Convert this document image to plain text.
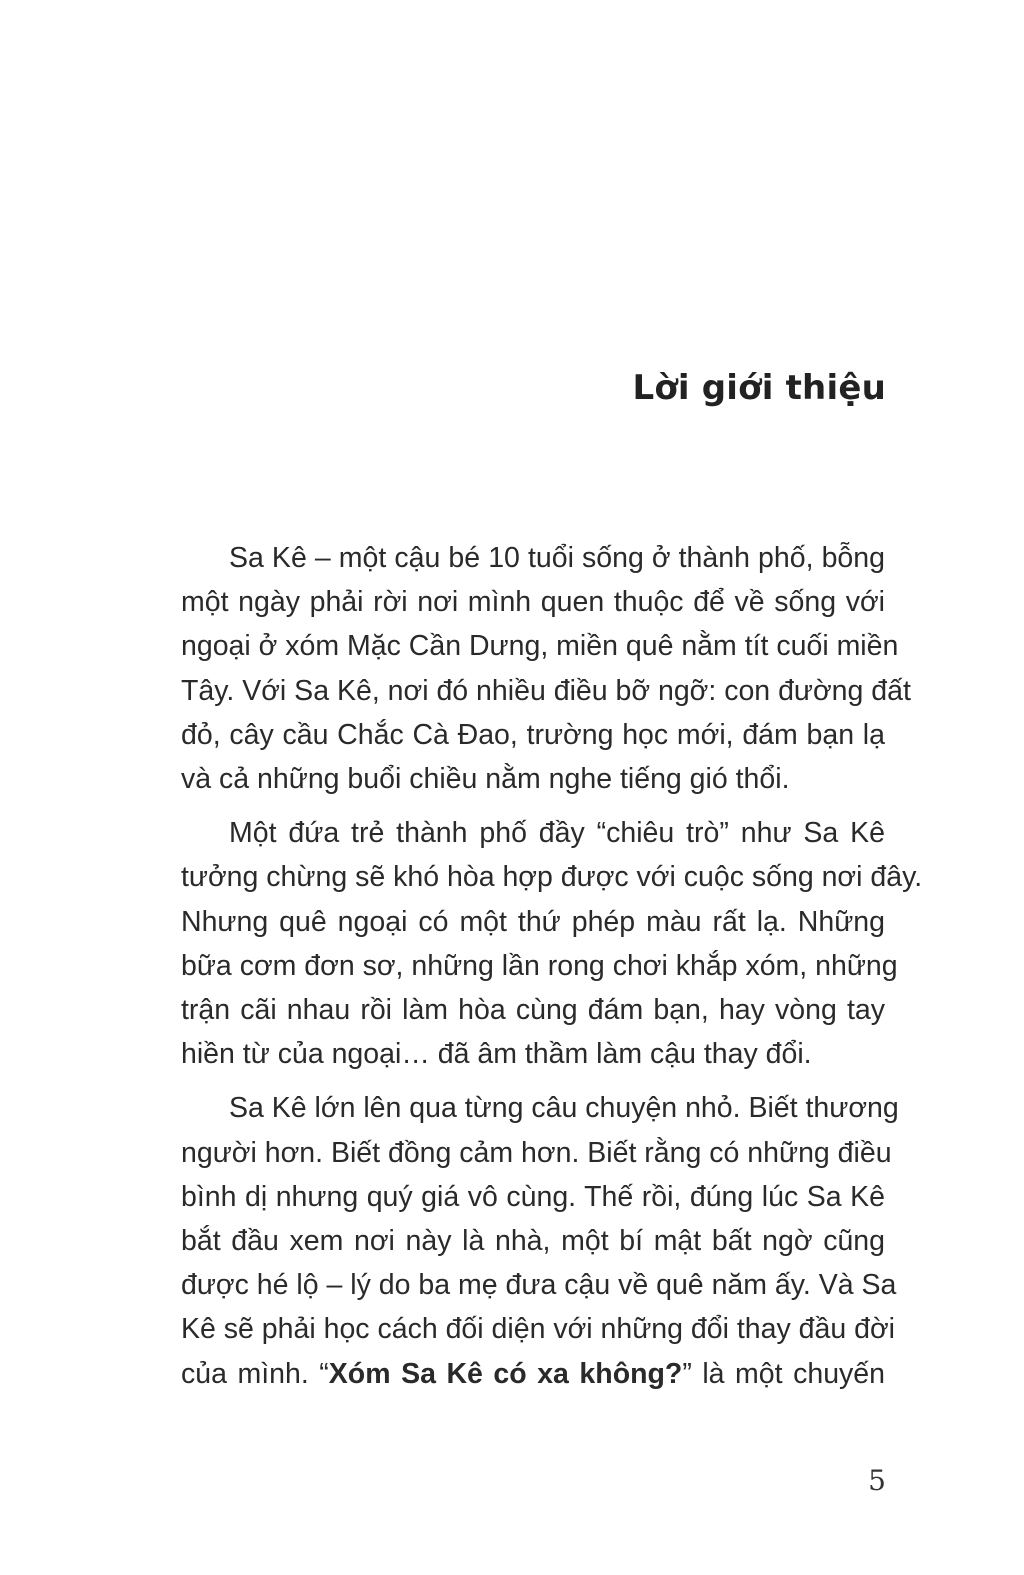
Lời giới thiệu

Sa Kê – một cậu bé 10 tuổi sống ở thành phố, bỗng
một ngày phải rời nơi mình quen thuộc để về sống với
ngoại ở xóm Mặc Cần Dưng, miền quê nằm tít cuối miền
Tây. Với Sa Kê, nơi đó nhiều điều bỡ ngỡ: con đường đất
đỏ, cây cầu Chắc Cà Đao, trường học mới, đám bạn lạ
và cả những buổi chiều nằm nghe tiếng gió thổi.

Một đứa trẻ thành phố đầy “chiêu trò” như Sa Kê
tưởng chừng sẽ khó hòa hợp được với cuộc sống nơi đây.
Nhưng quê ngoại có một thứ phép màu rất lạ. Những
bữa cơm đơn sơ, những lần rong chơi khắp xóm, những
trận cãi nhau rồi làm hòa cùng đám bạn, hay vòng tay
hiền từ của ngoại… đã âm thầm làm cậu thay đổi.

Sa Kê lớn lên qua từng câu chuyện nhỏ. Biết thương
người hơn. Biết đồng cảm hơn. Biết rằng có những điều
bình dị nhưng quý giá vô cùng. Thế rồi, đúng lúc Sa Kê
bắt đầu xem nơi này là nhà, một bí mật bất ngờ cũng
được hé lộ – lý do ba mẹ đưa cậu về quê năm ấy. Và Sa
Kê sẽ phải học cách đối diện với những đổi thay đầu đời
của mình. “Xóm Sa Kê có xa không?” là một chuyến

5
